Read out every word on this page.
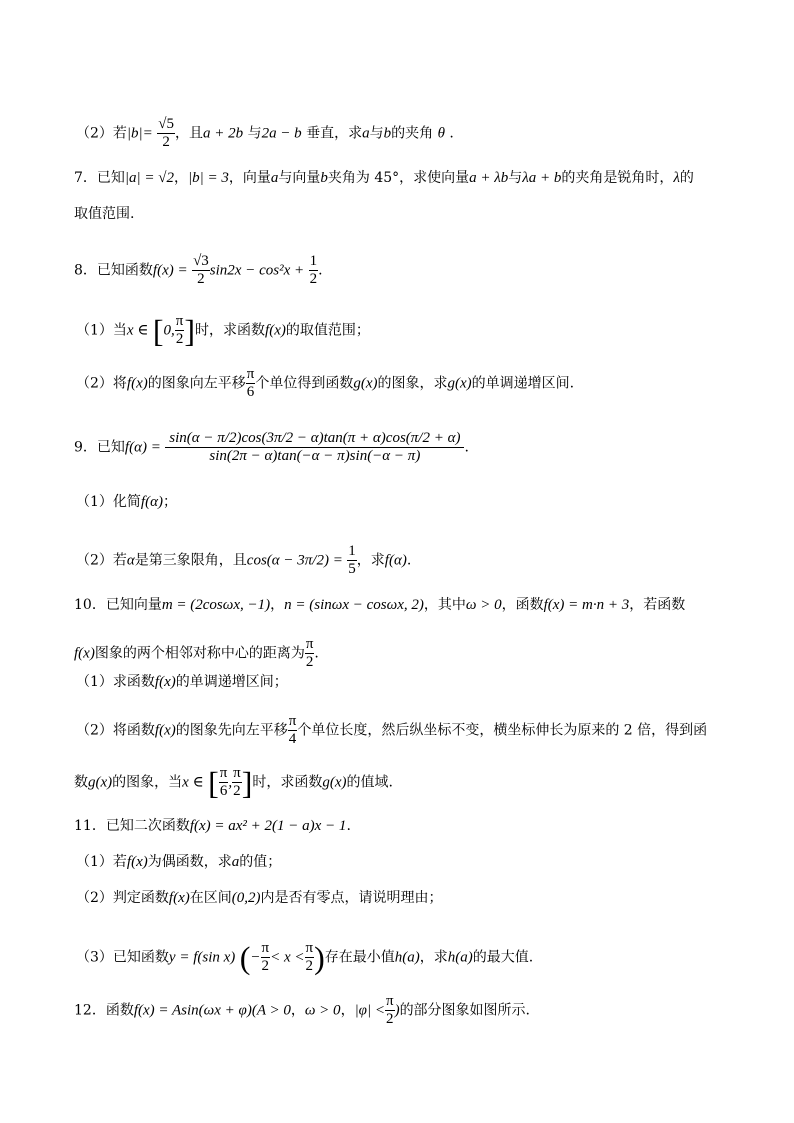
（2）若$|b|= \frac{√5}{2}$ ，且a + 2b 与2a − b 垂直，求a与b的夹角 θ .
7．已知|a| = √2，|b| = 3，向量a与向量b夹角为 45°，求使向量a + λb与λa + b的夹角是锐角时，λ的
取值范围.
8．已知函数$f(x) = \frac{√3}{2} \sin 2x - \cos^2x + \frac{1}{2}$ .
（1）当x ∈ [0, $\frac{\pi}{2}$ ]时，求函数f(x)的取值范围；
（2）将f(x)的图象向左平移 $\frac{\pi}{6}$ 个单位得到函数g(x)的图象，求g(x)的单调递增区间.
9．已知$f(\alpha) = \frac{\sin(\alpha - \pi/2)\cos(3\pi/2 - \alpha)\tan(\pi + \alpha)\cos(\pi/2 + \alpha)}{\sin(2\pi - \alpha)\tan(-\alpha - \pi)\sin(-\alpha - \pi)}$ .
（1）化简f(α)；
（2）若α是第三象限角，且$\cos(\alpha - 3\pi/2) = \frac{1}{5}$ ，求f(α).
10．已知向量m = (2cosωx, −1)，n = (sinωx − cosωx, 2)，其中ω > 0，函数f(x) = m·n + 3，若函数
f(x)图象的两个相邻对称中心的距离为 $\frac{\pi}{2}$ .
（1）求函数f(x)的单调递增区间；
（2）将函数f(x)的图象先向左平移 $\frac{\pi}{4}$ 个单位长度，然后纵坐标不变，横坐标伸长为原来的 2 倍，得到函
数g(x)的图象，当x ∈ [ $\frac{\pi}{6}$ , $\frac{\pi}{2}$ ]时，求函数g(x)的值域.
11．已知二次函数f(x) = ax² + 2(1 − a)x − 1.
（1）若f(x)为偶函数，求a的值；
（2）判定函数f(x)在区间(0,2)内是否有零点，请说明理由；
（3）已知函数y = f(sin x) (− $\frac{\pi}{2} < x < \frac{\pi}{2}$ )存在最小值h(a)，求h(a)的最大值.
12．函数f(x) = Asin(ωx + φ)(A > 0，ω > 0，$|\varphi| < \frac{\pi}{2}$ )的部分图象如图所示.
